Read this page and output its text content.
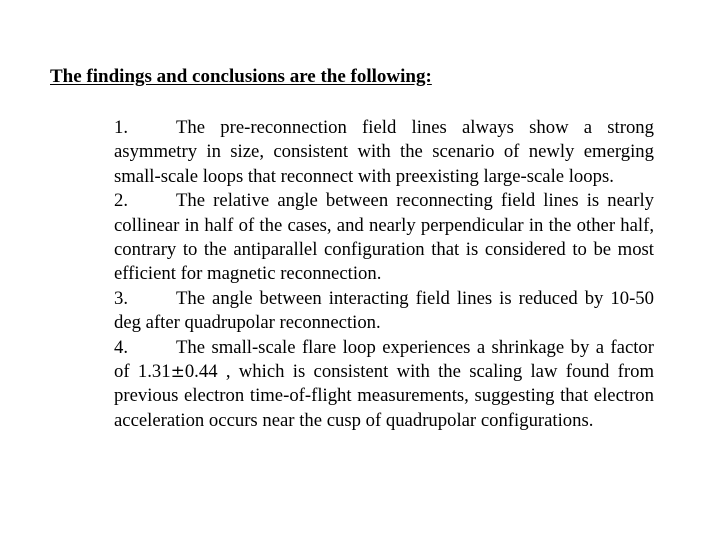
The findings and conclusions are the following:

1.	The pre-reconnection field lines always show a strong asymmetry in size, consistent with the scenario of newly emerging small-scale loops that reconnect with preexisting large-scale loops.

2.	The relative angle between reconnecting field lines is nearly collinear in half of the cases, and nearly perpendicular in the other half, contrary to the antiparallel configuration that is considered to be most efficient for magnetic reconnection.

3.	The angle between interacting field lines is reduced by 10-50 deg after quadrupolar reconnection.

4.	The small-scale flare loop experiences a shrinkage by a factor of 1.31±0.44 , which is consistent with the scaling law found from previous electron time-of-flight measurements, suggesting that electron acceleration occurs near the cusp of quadrupolar configurations.
